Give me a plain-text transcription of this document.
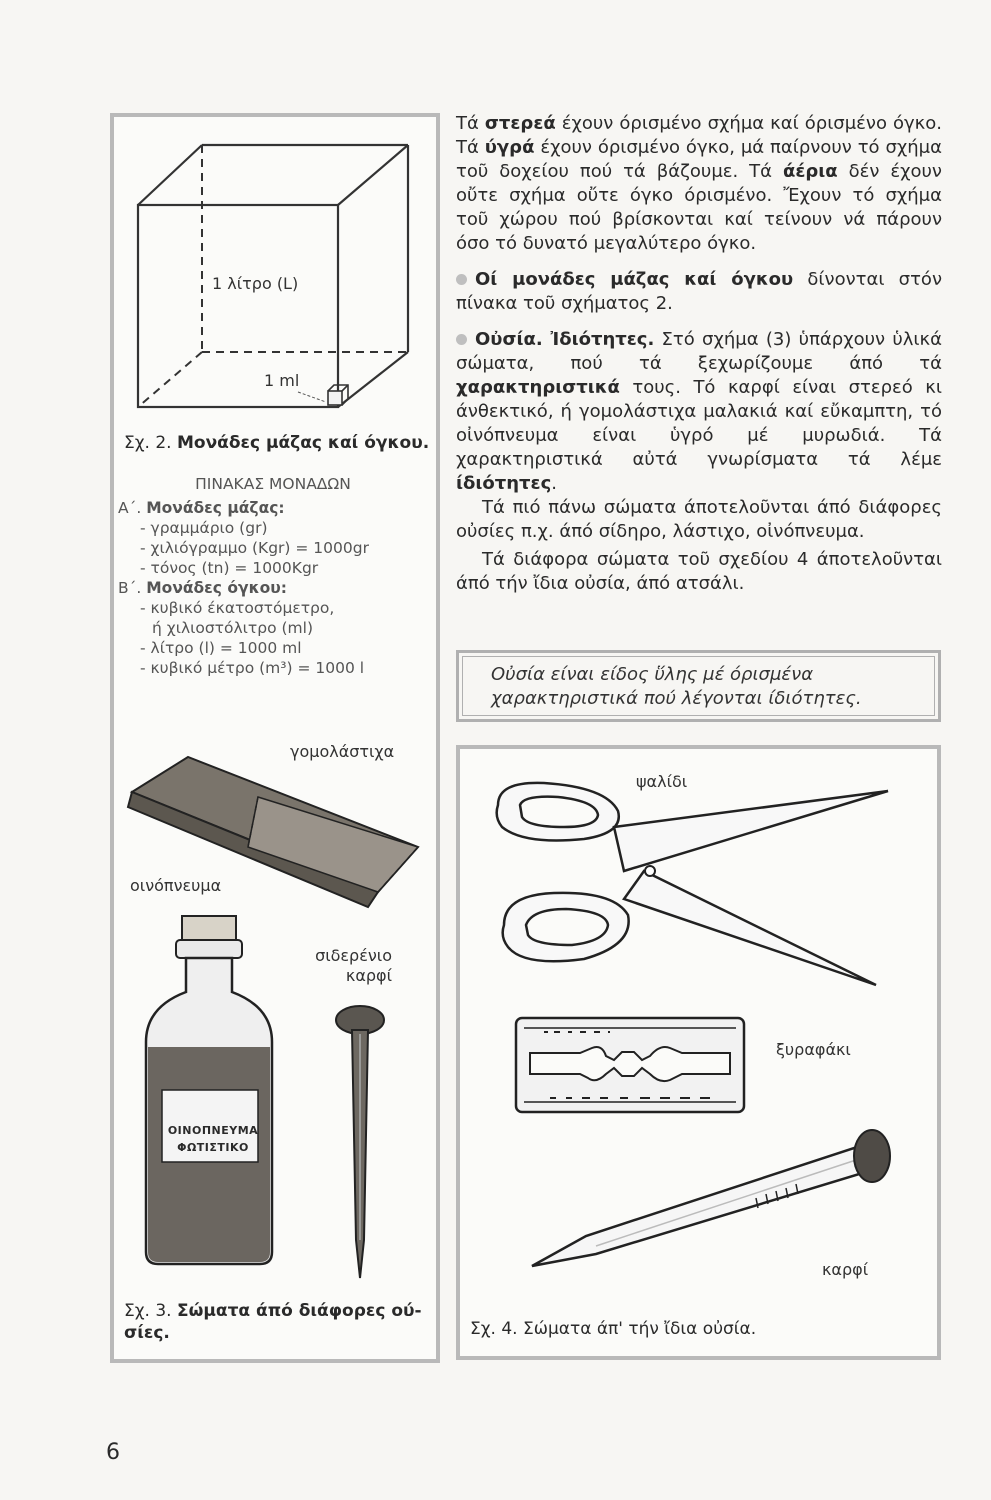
1 λίτρο (L)
1 ml
Σχ. 2. Μονάδες μάζας καί όγκου.
ΠΙΝΑΚΑΣ ΜΟΝΑΔΩΝ
Α΄. Μονάδες μάζας:
- γραμμάριο (gr)
- χιλιόγραμμο (Kgr) = 1000gr
- τόνος (tn) = 1000Kgr
Β΄. Μονάδες όγκου:
- κυβικό έκατοστόμετρο,
ή χιλιοστόλιτρο (ml)
- λίτρο (l) = 1000 ml
- κυβικό μέτρο (m³) = 1000 l
γομολάστιχα
οινόπνευμα
σιδερένιο καρφί
ΟΙΝΟΠΝΕΥΜΑ
ΦΩΤΙΣΤΙΚΟ
Σχ. 3. Σώματα άπό διάφορες ού-σίες.

Τά στερεά έχουν όρισμένο σχήμα καί όρισμένο όγκο. Τά ύγρά έχουν όρισμένο όγκο, μά παίρνουν τό σχήμα τοῦ δοχείου πού τά βάζουμε. Τά άέρια δέν έχουν οὔτε σχήμα οὔτε όγκο όρισμένο. Ἔχουν τό σχήμα τοῦ χώρου πού βρίσκονται καί τείνουν νά πάρουν όσο τό δυνατό μεγαλύτερο όγκο.

Οί μονάδες μάζας καί όγκου δίνονται στόν πίνακα τοῦ σχήματος 2.

Οὐσία. Ἰδιότητες. Στό σχήμα (3) ὑπάρχουν ὑλικά σώματα, πού τά ξεχωρίζουμε άπό τά χαρακτηριστικά τους. Τό καρφί είναι στερεό κι άνθεκτικό, ή γομολάστιχα μαλακιά καί εὔκαμπτη, τό οἰνόπνευμα είναι ὑγρό μέ μυρωδιά. Τά χαρακτηριστικά αὐτά γνωρίσματα τά λέμε ίδιότητες.

Τά πιό πάνω σώματα άποτελοῦνται άπό διάφορες οὐσίες π.χ. άπό σίδηρο, λάστιχο, οἰνόπνευμα.

Τά διάφορα σώματα τοῦ σχεδίου 4 άποτελοῦνται άπό τήν ἴδια οὐσία, άπό ατσάλι.

Οὐσία είναι είδος ὕλης μέ όρισμένα χαρακτηριστικά πού λέγονται ίδιότητες.
ψαλίδι
ξυραφάκι
καρφί
Σχ. 4. Σώματα άπ' τήν ἴδια οὐσία.
6
